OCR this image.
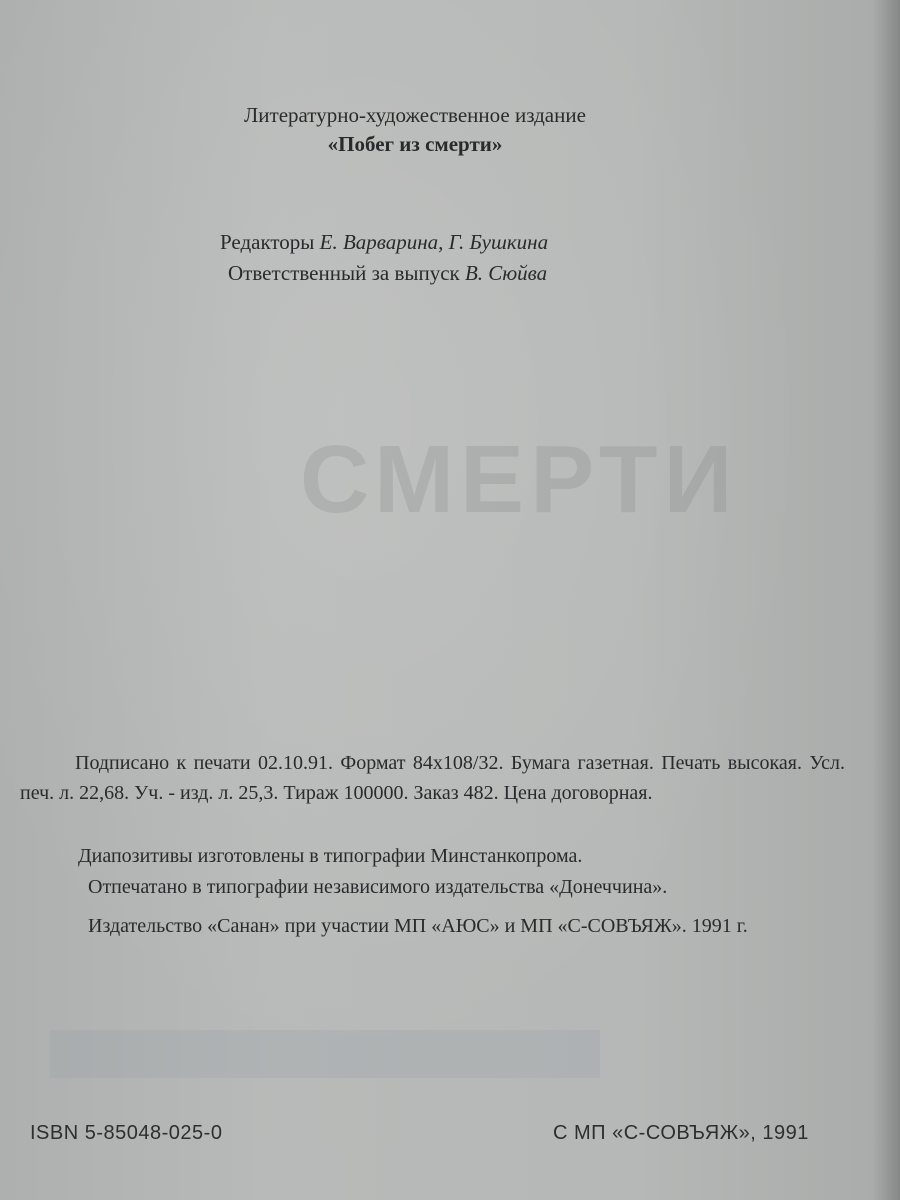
СМЕРТИ
Литературно-художественное издание
«Побег из смерти»
Редакторы Е. Варварина, Г. Бушкина
Ответственный за выпуск В. Сюйва
Подписано к печати 02.10.91. Формат 84х108/32. Бумага газетная. Печать высокая. Усл. печ. л. 22,68. Уч. - изд. л. 25,3. Тираж 100000. Заказ 482. Цена договорная.
Диапозитивы изготовлены в типографии Минстанкопрома.
Отпечатано в типографии независимого издательства «Донеччина».
Издательство «Санан» при участии МП «АЮС» и МП «С-СОВЪЯЖ». 1991 г.
ISBN 5-85048-025-0	C МП «С-СОВЪЯЖ», 1991
